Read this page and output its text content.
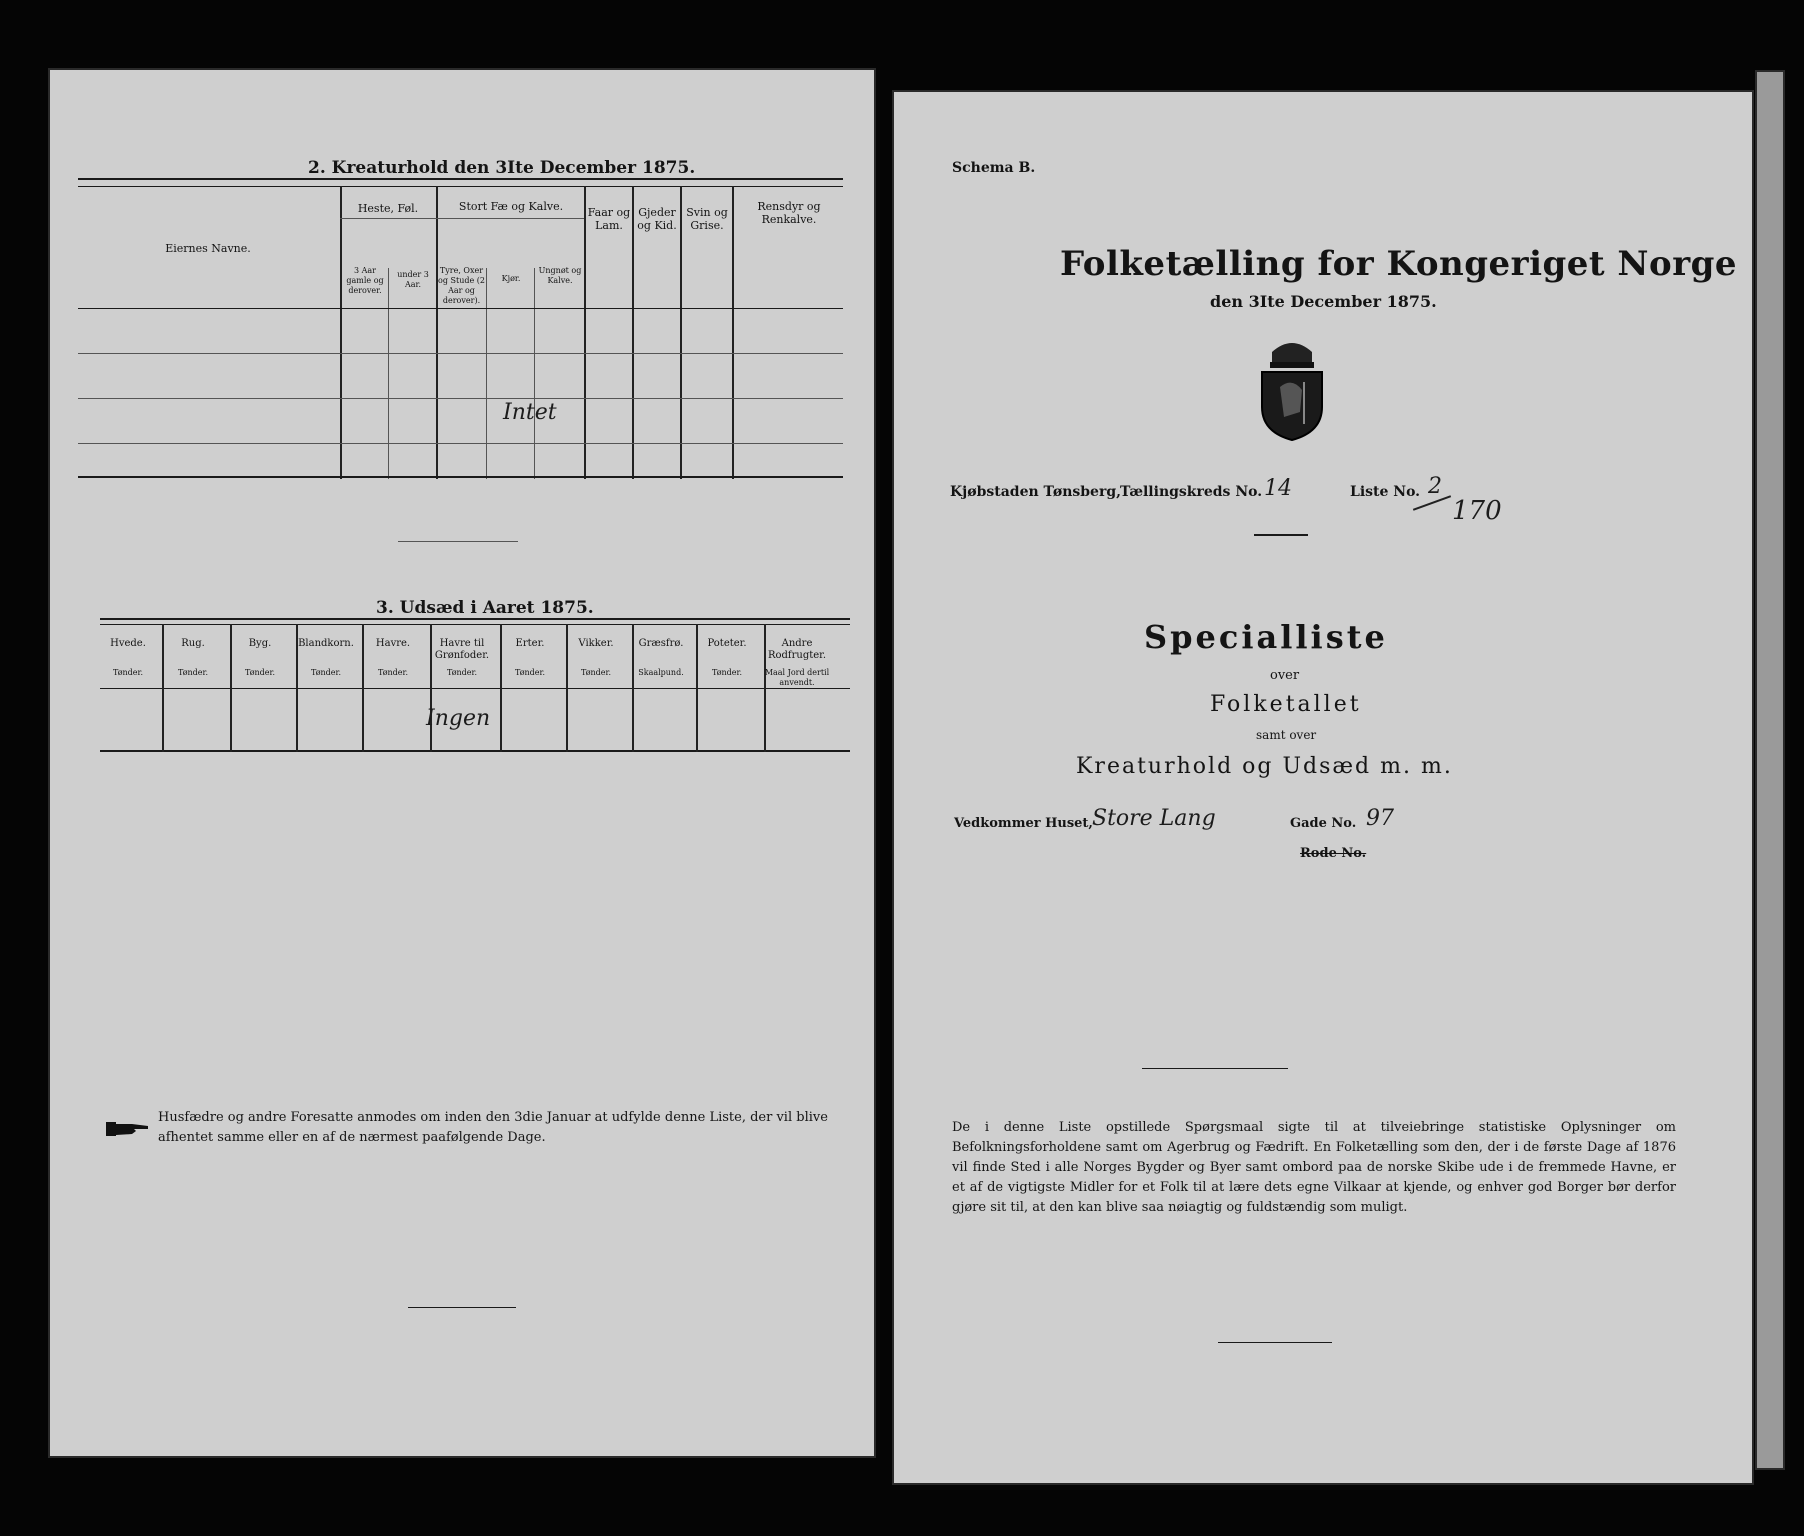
2. Kreaturhold den 3Ite December 1875.
Eiernes Navne.
Heste, Føl.
3 Aar gamle og derover.
under 3 Aar.
Stort Fæ og Kalve.
Tyre, Oxer og Stude (2 Aar og derover).
Kjør.
Ungnøt og Kalve.
Faar og Lam.
Gjeder og Kid.
Svin og Grise.
Rensdyr og Renkalve.
Intet
3. Udsæd i Aaret 1875.
Hvede.
Tønder.
Rug.
Tønder.
Byg.
Tønder.
Blandkorn.
Tønder.
Havre.
Tønder.
Havre til Grønfoder.
Tønder.
Erter.
Tønder.
Vikker.
Tønder.
Græsfrø.
Skaalpund.
Poteter.
Tønder.
Andre Rodfrugter.
Maal Jord dertil anvendt.
Ingen
Husfædre og andre Foresatte anmodes om inden den 3die Januar at udfylde denne Liste, der vil blive afhentet samme eller en af de nærmest paafølgende Dage.
Schema B.
Folketælling for Kongeriget Norge
den 3Ite December 1875.
Kjøbstaden Tønsberg, Tællingskreds No. 14	Liste No. 2
170
Specialliste
over
Folketallet
samt over
Kreaturhold og Udsæd m. m.
Vedkommer Huset, Store Lang	Gade No. 97
Rode No.
De i denne Liste opstillede Spørgsmaal sigte til at tilveiebringe statistiske Oplysninger om Befolkningsforholdene samt om Agerbrug og Fædrift. En Folketælling som den, der i de første Dage af 1876 vil finde Sted i alle Norges Bygder og Byer samt ombord paa de norske Skibe ude i de fremmede Havne, er et af de vigtigste Midler for et Folk til at lære dets egne Vilkaar at kjende, og enhver god Borger bør derfor gjøre sit til, at den kan blive saa nøiagtig og fuldstændig som muligt.
